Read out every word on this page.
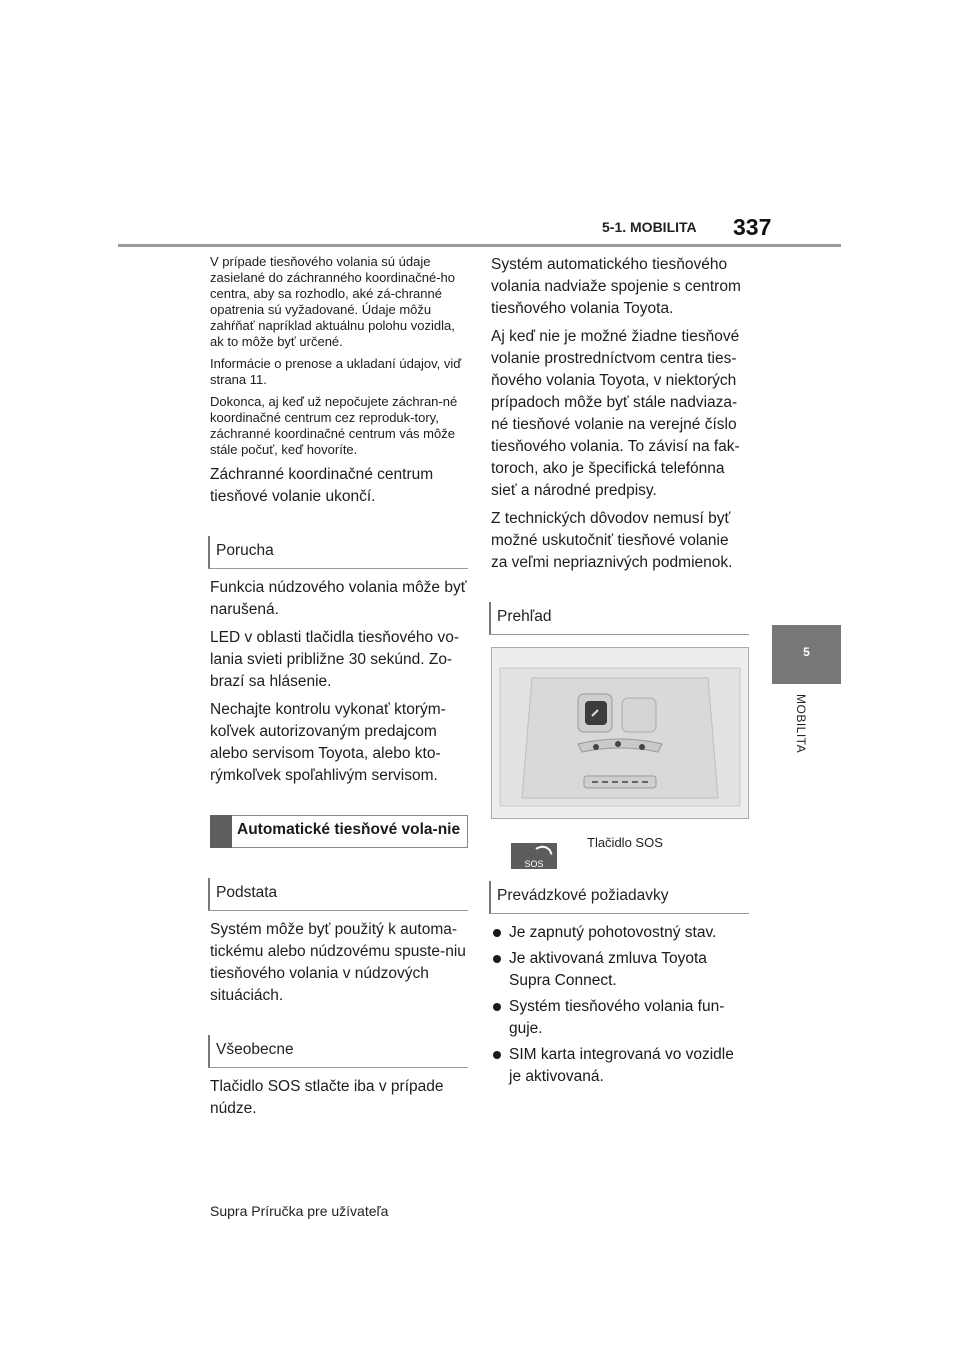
5-1. MOBILITA 337
5
MOBILITA

V prípade tiesňového volania sú údaje zasielané do záchranného koordinačné-ho centra, aby sa rozhodlo, aké zá-chranné opatrenia sú vyžadované. Údaje môžu zahŕňať napríklad aktuálnu polohu vozidla, ak to môže byť určené.

Informácie o prenose a ukladaní údajov, viď strana 11.

Dokonca, aj keď už nepočujete záchran-né koordinačné centrum cez reproduk-tory, záchranné koordinačné centrum vás môže stále počuť, keď hovoríte.

Záchranné koordinačné centrum tiesňové volanie ukončí.

Porucha

Funkcia núdzového volania môže byť narušená.

LED v oblasti tlačidla tiesňového vo-lania svieti približne 30 sekúnd. Zo-brazí sa hlásenie.

Nechajte kontrolu vykonať ktorým-koľvek autorizovaným predajcom alebo servisom Toyota, alebo kto-rýmkoľvek spoľahlivým servisom.

Automatické tiesňové vola-nie
Podstata

Systém môže byť použitý k automa-tickému alebo núdzovému spuste-niu tiesňového volania v núdzových situáciách.

Všeobecne

Tlačidlo SOS stlačte iba v prípade núdze.

Systém automatického tiesňového volania nadviaže spojenie s centrom tiesňového volania Toyota.

Aj keď nie je možné žiadne tiesňové volanie prostredníctvom centra ties-ňového volania Toyota, v niektorých prípadoch môže byť stále nadviaza-né tiesňové volanie na verejné číslo tiesňového volania. To závisí na fak-toroch, ako je špecifická telefónna sieť a národné predpisy.

Z technických dôvodov nemusí byť možné uskutočniť tiesňové volanie za veľmi nepriaznivých podmienok.

Prehľad
SOS
Tlačidlo SOS
Prevádzkové požiadavky
Je zapnutý pohotovostný stav.
Je aktivovaná zmluva Toyota Supra Connect.
Systém tiesňového volania fun-guje.
SIM karta integrovaná vo vozidle je aktivovaná.
Supra Príručka pre užívateľa
